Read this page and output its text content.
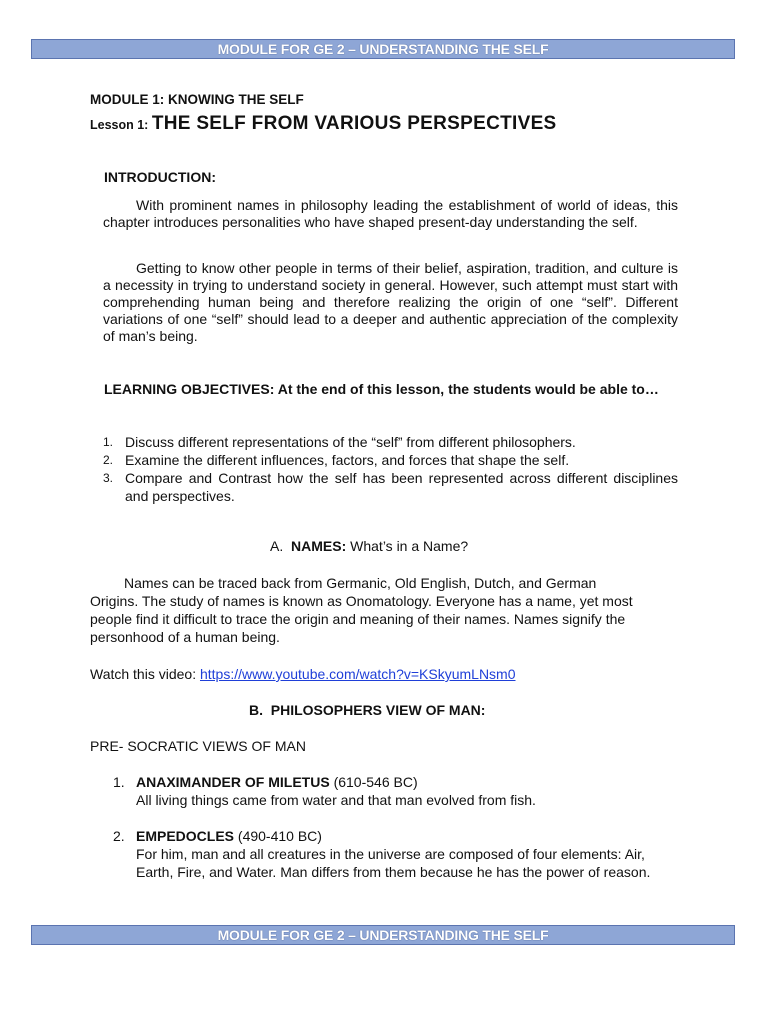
MODULE FOR GE 2 – UNDERSTANDING THE SELF
MODULE 1: KNOWING THE SELF
Lesson 1: THE SELF FROM VARIOUS PERSPECTIVES
INTRODUCTION:

With prominent names in philosophy leading the establishment of world of ideas, this chapter introduces personalities who have shaped present-day understanding the self.

Getting to know other people in terms of their belief, aspiration, tradition, and culture is a necessity in trying to understand society in general. However, such attempt must start with comprehending human being and therefore realizing the origin of one “self”. Different variations of one “self” should lead to a deeper and authentic appreciation of the complexity of man’s being.

LEARNING OBJECTIVES: At the end of this lesson, the students would be able to…

1. Discuss different representations of the “self” from different philosophers.
2. Examine the different influences, factors, and forces that shape the self.
3. Compare and Contrast how the self has been represented across different disciplines and perspectives.
A. NAMES: What’s in a Name?

Names can be traced back from Germanic, Old English, Dutch, and German Origins. The study of names is known as Onomatology. Everyone has a name, yet most people find it difficult to trace the origin and meaning of their names. Names signify the personhood of a human being.

Watch this video: https://www.youtube.com/watch?v=KSkyumLNsm0
B.  PHILOSOPHERS VIEW OF MAN:
PRE- SOCRATIC VIEWS OF MAN
1. ANAXIMANDER OF MILETUS (610-546 BC)
All living things came from water and that man evolved from fish.
2. EMPEDOCLES (490-410 BC)
For him, man and all creatures in the universe are composed of four elements: Air, Earth, Fire, and Water. Man differs from them because he has the power of reason.
MODULE FOR GE 2 – UNDERSTANDING THE SELF
